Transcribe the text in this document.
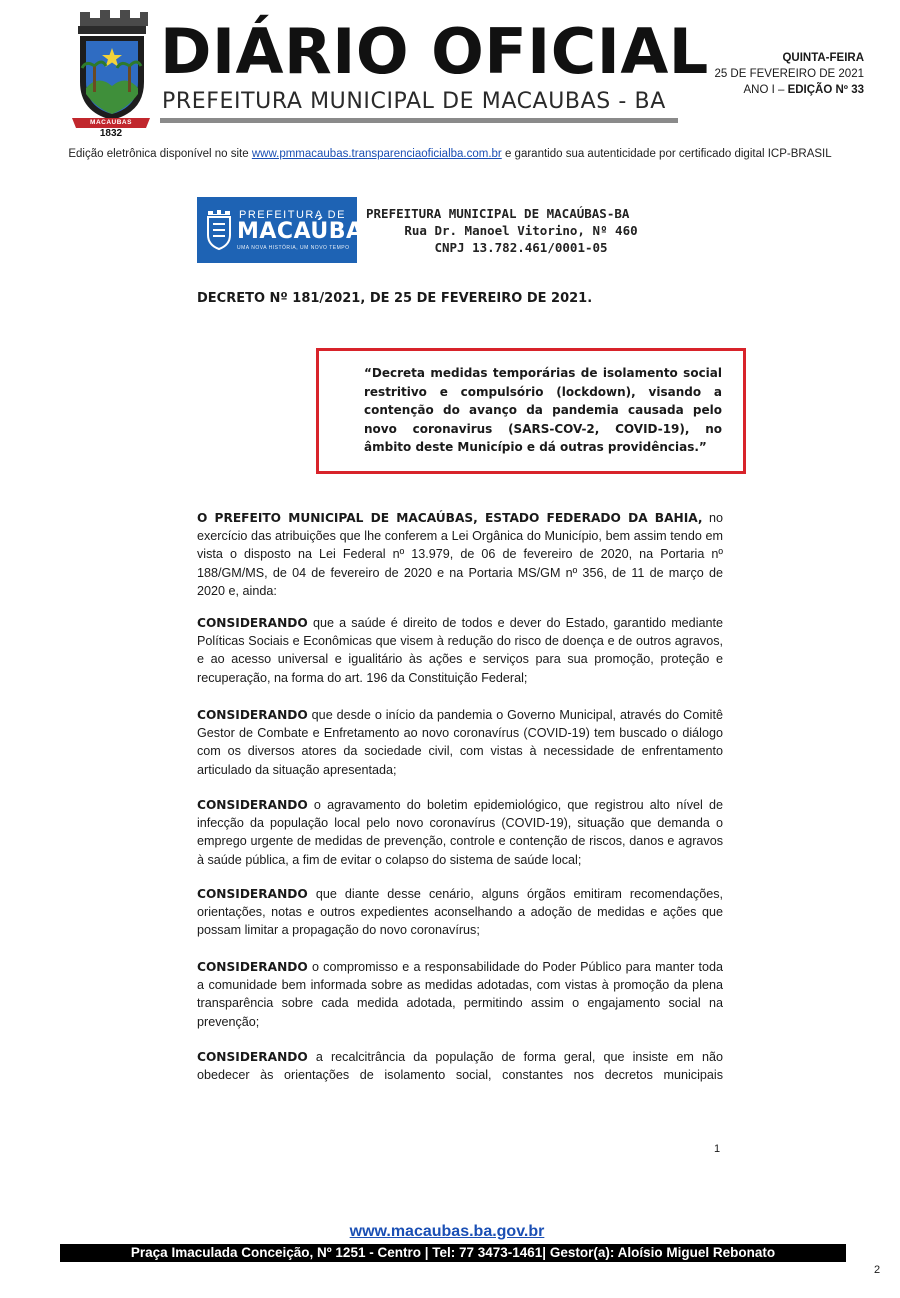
MACAUBAS
1832
DIÁRIO OFICIAL

PREFEITURA MUNICIPAL DE MACAUBAS - BA

QUINTA-FEIRA
25 DE FEVEREIRO DE 2021
ANO I – EDIÇÃO Nº 33
Edição eletrônica disponível no site www.pmmacaubas.transparenciaoficialba.com.br e garantido sua autenticidade por certificado digital ICP-BRASIL
PREFEITURA DE
MACAÚBAS
UMA NOVA HISTÓRIA, UM NOVO TEMPO
PREFEITURA MUNICIPAL DE MACAÚBAS-BA
Rua Dr. Manoel Vitorino, Nº 460
CNPJ 13.782.461/0001-05
DECRETO Nº 181/2021, DE 25 DE FEVEREIRO DE 2021.

“Decreta medidas temporárias de isolamento social restritivo e compulsório (lockdown), visando a contenção do avanço da pandemia causada pelo novo coronavirus (SARS-COV-2, COVID-19), no âmbito deste Município e dá outras providências.”

O PREFEITO MUNICIPAL DE MACAÚBAS, ESTADO FEDERADO DA BAHIA, no exercício das atribuições que lhe conferem a Lei Orgânica do Município, bem assim tendo em vista o disposto na Lei Federal nº 13.979, de 06 de fevereiro de 2020, na Portaria nº 188/GM/MS, de 04 de fevereiro de 2020 e na Portaria MS/GM nº 356, de 11 de março de 2020 e, ainda:

CONSIDERANDO que a saúde é direito de todos e dever do Estado, garantido mediante Políticas Sociais e Econômicas que visem à redução do risco de doença e de outros agravos, e ao acesso universal e igualitário às ações e serviços para sua promoção, proteção e recuperação, na forma do art. 196 da Constituição Federal;

CONSIDERANDO que desde o início da pandemia o Governo Municipal, através do Comitê Gestor de Combate e Enfretamento ao novo coronavírus (COVID-19) tem buscado o diálogo com os diversos atores da sociedade civil, com vistas à necessidade de enfrentamento articulado da situação apresentada;

CONSIDERANDO o agravamento do boletim epidemiológico, que registrou alto nível de infecção da população local pelo novo coronavírus (COVID-19), situação que demanda o emprego urgente de medidas de prevenção, controle e contenção de riscos, danos e agravos à saúde pública, a fim de evitar o colapso do sistema de saúde local;

CONSIDERANDO que diante desse cenário, alguns órgãos emitiram recomendações, orientações, notas e outros expedientes aconselhando a adoção de medidas e ações que possam limitar a propagação do novo coronavírus;

CONSIDERANDO o compromisso e a responsabilidade do Poder Público para manter toda a comunidade bem informada sobre as medidas adotadas, com vistas à promoção da plena transparência sobre cada medida adotada, permitindo assim o engajamento social na prevenção;

CONSIDERANDO a recalcitrância da população de forma geral, que insiste em não obedecer às orientações de isolamento social, constantes nos decretos municipais

1
www.macaubas.ba.gov.br
Praça Imaculada Conceição, Nº 1251 - Centro | Tel: 77 3473-1461| Gestor(a): Aloísio Miguel Rebonato
2
